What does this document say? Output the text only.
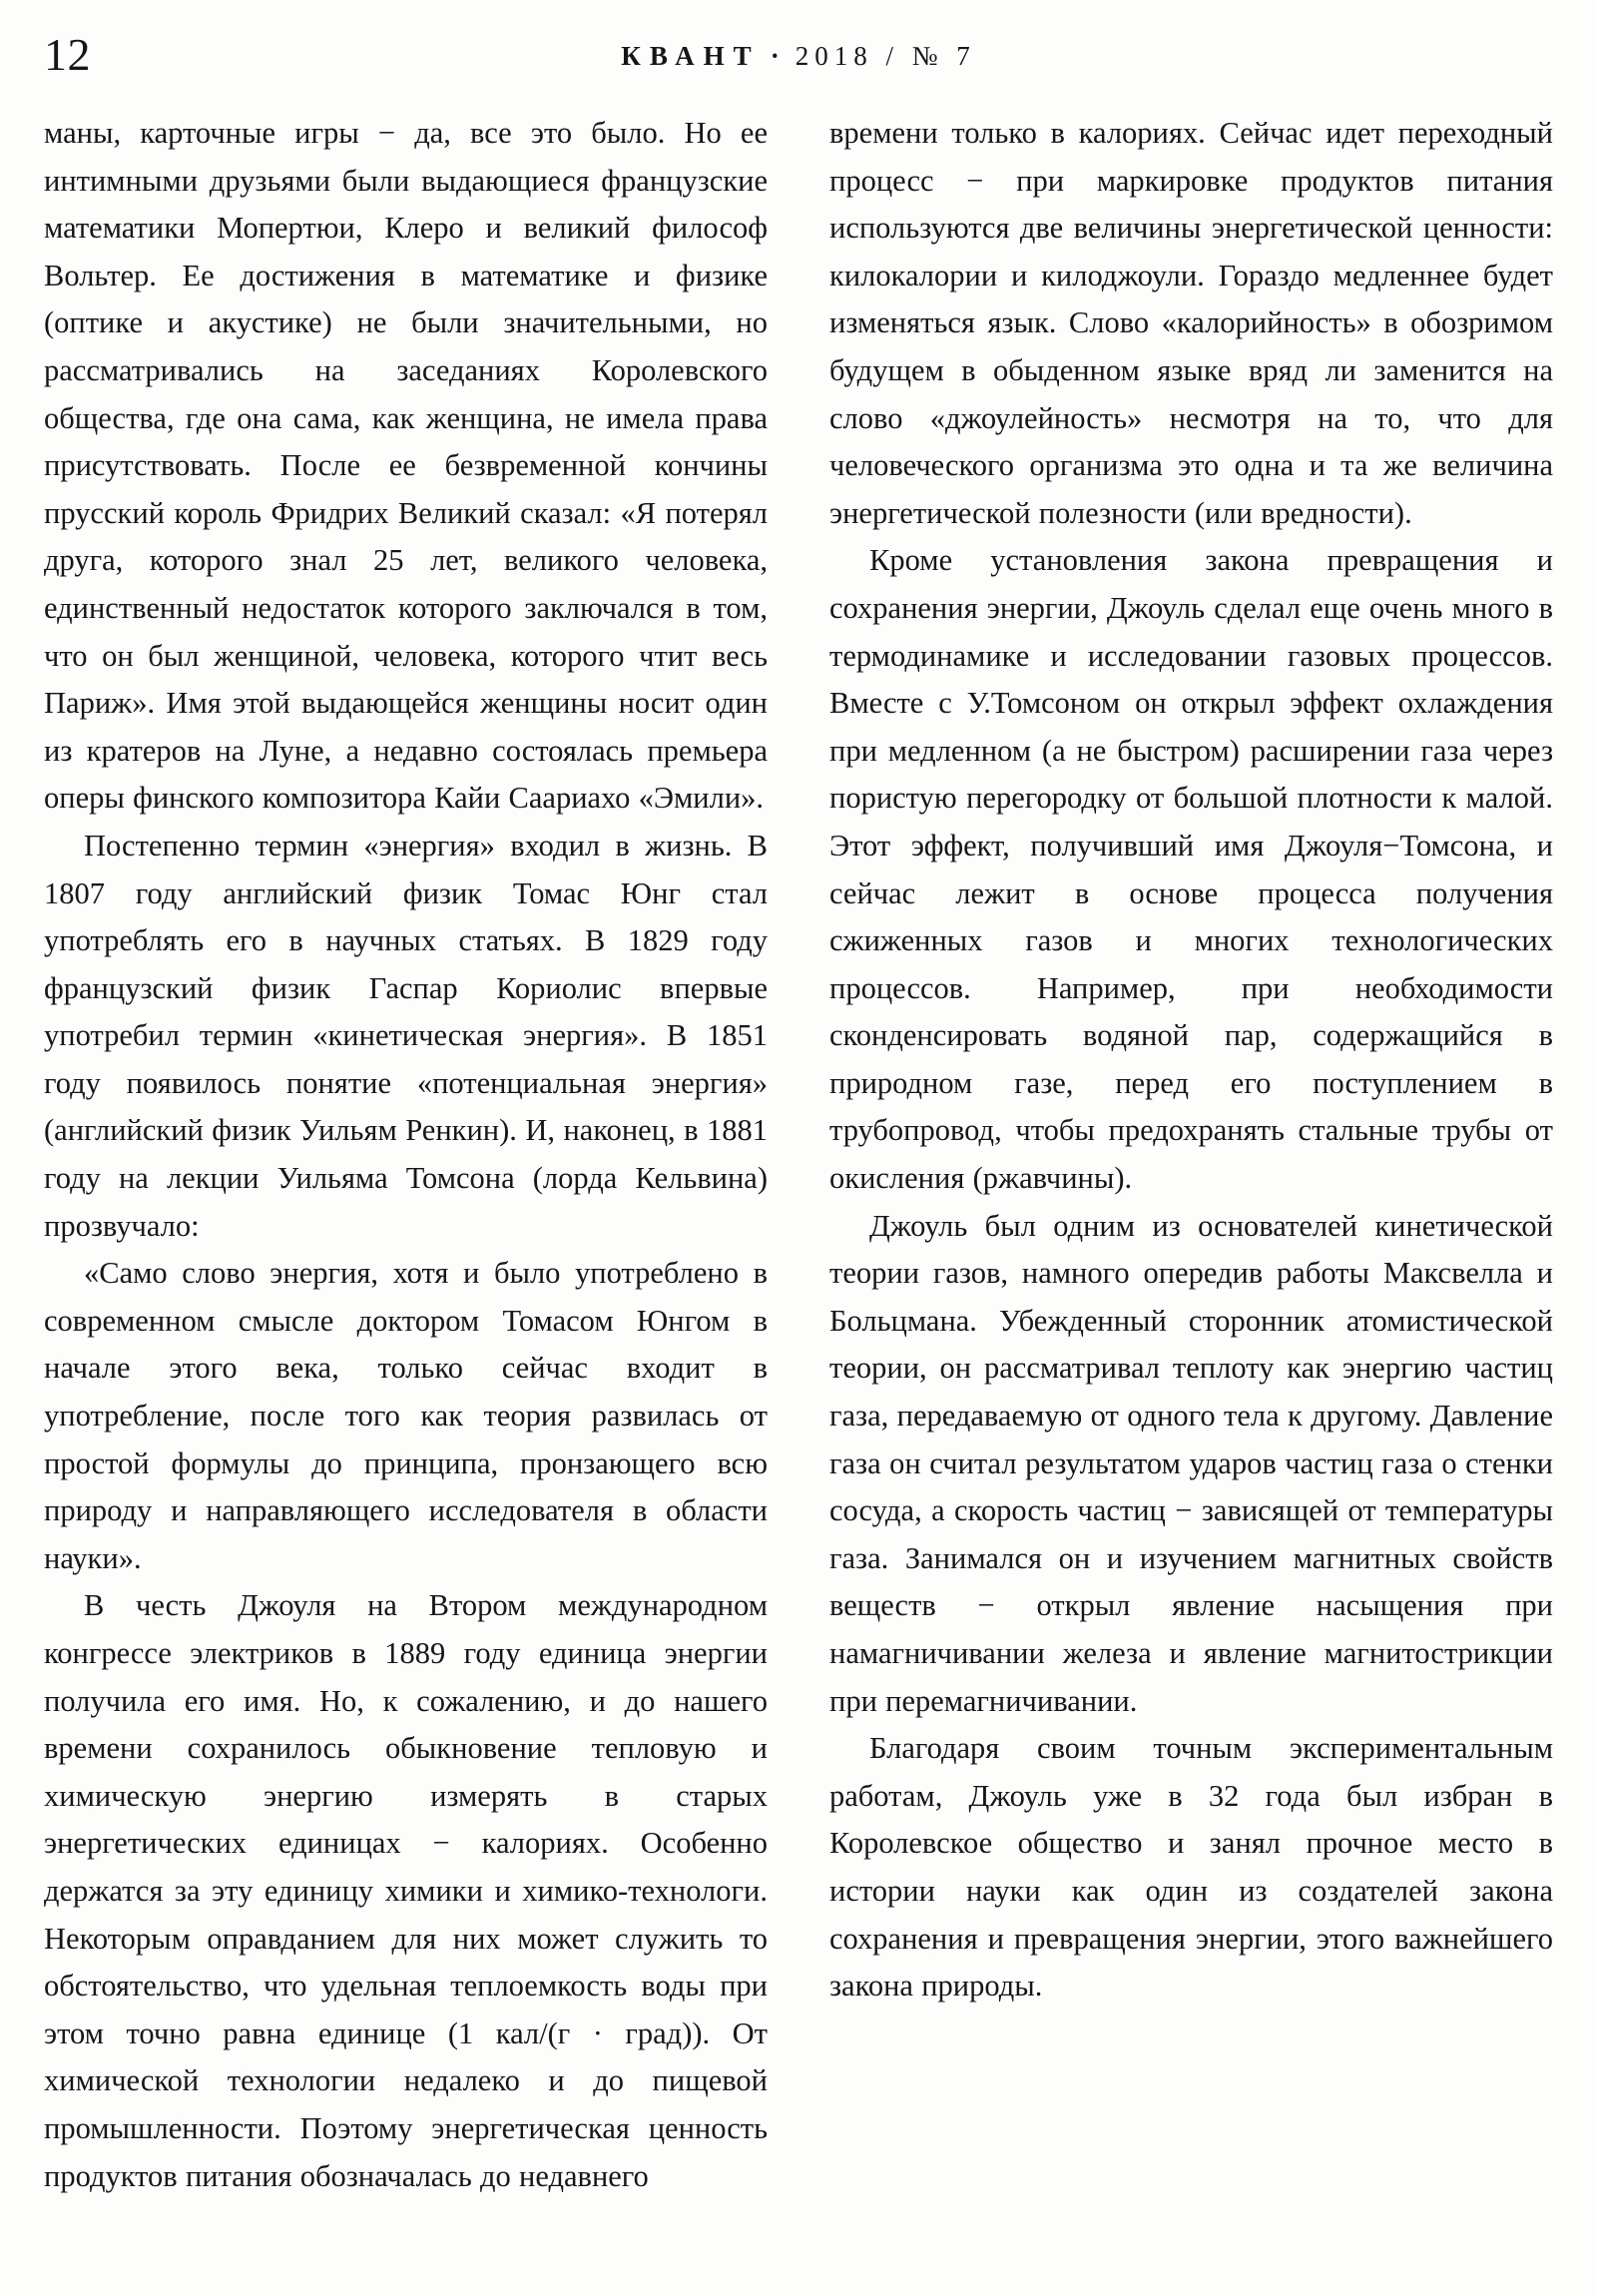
12	КВАНТ · 2018 / № 7

маны, карточные игры − да, все это было. Но ее интимными друзьями были выдающиеся французские математики Мопертюи, Клеро и великий философ Вольтер. Ее достижения в математике и физике (оптике и акустике) не были значительными, но рассматривались на заседаниях Королевского общества, где она сама, как женщина, не имела права присутствовать. После ее безвременной кончины прусский король Фридрих Великий сказал: «Я потерял друга, которого знал 25 лет, великого человека, единственный недостаток которого заключался в том, что он был женщиной, человека, которого чтит весь Париж». Имя этой выдающейся женщины носит один из кратеров на Луне, а недавно состоялась премьера оперы финского композитора Кайи Саариахо «Эмили».

Постепенно термин «энергия» входил в жизнь. В 1807 году английский физик Томас Юнг стал употреблять его в научных статьях. В 1829 году французский физик Гаспар Кориолис впервые употребил термин «кинетическая энергия». В 1851 году появилось понятие «потенциальная энергия» (английский физик Уильям Ренкин). И, наконец, в 1881 году на лекции Уильяма Томсона (лорда Кельвина) прозвучало:

«Само слово энергия, хотя и было употреблено в современном смысле доктором Томасом Юнгом в начале этого века, только сейчас входит в употребление, после того как теория развилась от простой формулы до принципа, пронзающего всю природу и направляющего исследователя в области науки».

В честь Джоуля на Втором международном конгрессе электриков в 1889 году единица энергии получила его имя. Но, к сожалению, и до нашего времени сохранилось обыкновение тепловую и химическую энергию измерять в старых энергетических единицах − калориях. Особенно держатся за эту единицу химики и химико-технологи. Некоторым оправданием для них может служить то обстоятельство, что удельная теплоемкость воды при этом точно равна единице (1 кал/(г · град)). От химической технологии недалеко и до пищевой промышленности. Поэтому энергетическая ценность продуктов питания обозначалась до недавнего

времени только в калориях. Сейчас идет переходный процесс − при маркировке продуктов питания используются две величины энергетической ценности: килокалории и килоджоули. Гораздо медленнее будет изменяться язык. Слово «калорийность» в обозримом будущем в обыденном языке вряд ли заменится на слово «джоулейность» несмотря на то, что для человеческого организма это одна и та же величина энергетической полезности (или вредности).

Кроме установления закона превращения и сохранения энергии, Джоуль сделал еще очень много в термодинамике и исследовании газовых процессов. Вместе с У.Томсоном он открыл эффект охлаждения при медленном (а не быстром) расширении газа через пористую перегородку от большой плотности к малой. Этот эффект, получивший имя Джоуля−Томсона, и сейчас лежит в основе процесса получения сжиженных газов и многих технологических процессов. Например, при необходимости сконденсировать водяной пар, содержащийся в природном газе, перед его поступлением в трубопровод, чтобы предохранять стальные трубы от окисления (ржавчины).

Джоуль был одним из основателей кинетической теории газов, намного опередив работы Максвелла и Больцмана. Убежденный сторонник атомистической теории, он рассматривал теплоту как энергию частиц газа, передаваемую от одного тела к другому. Давление газа он считал результатом ударов частиц газа о стенки сосуда, а скорость частиц − зависящей от температуры газа. Занимался он и изучением магнитных свойств веществ − открыл явление насыщения при намагничивании железа и явление магнитострикции при перемагничивании.

Благодаря своим точным экспериментальным работам, Джоуль уже в 32 года был избран в Королевское общество и занял прочное место в истории науки как один из создателей закона сохранения и превращения энергии, этого важнейшего закона природы.
